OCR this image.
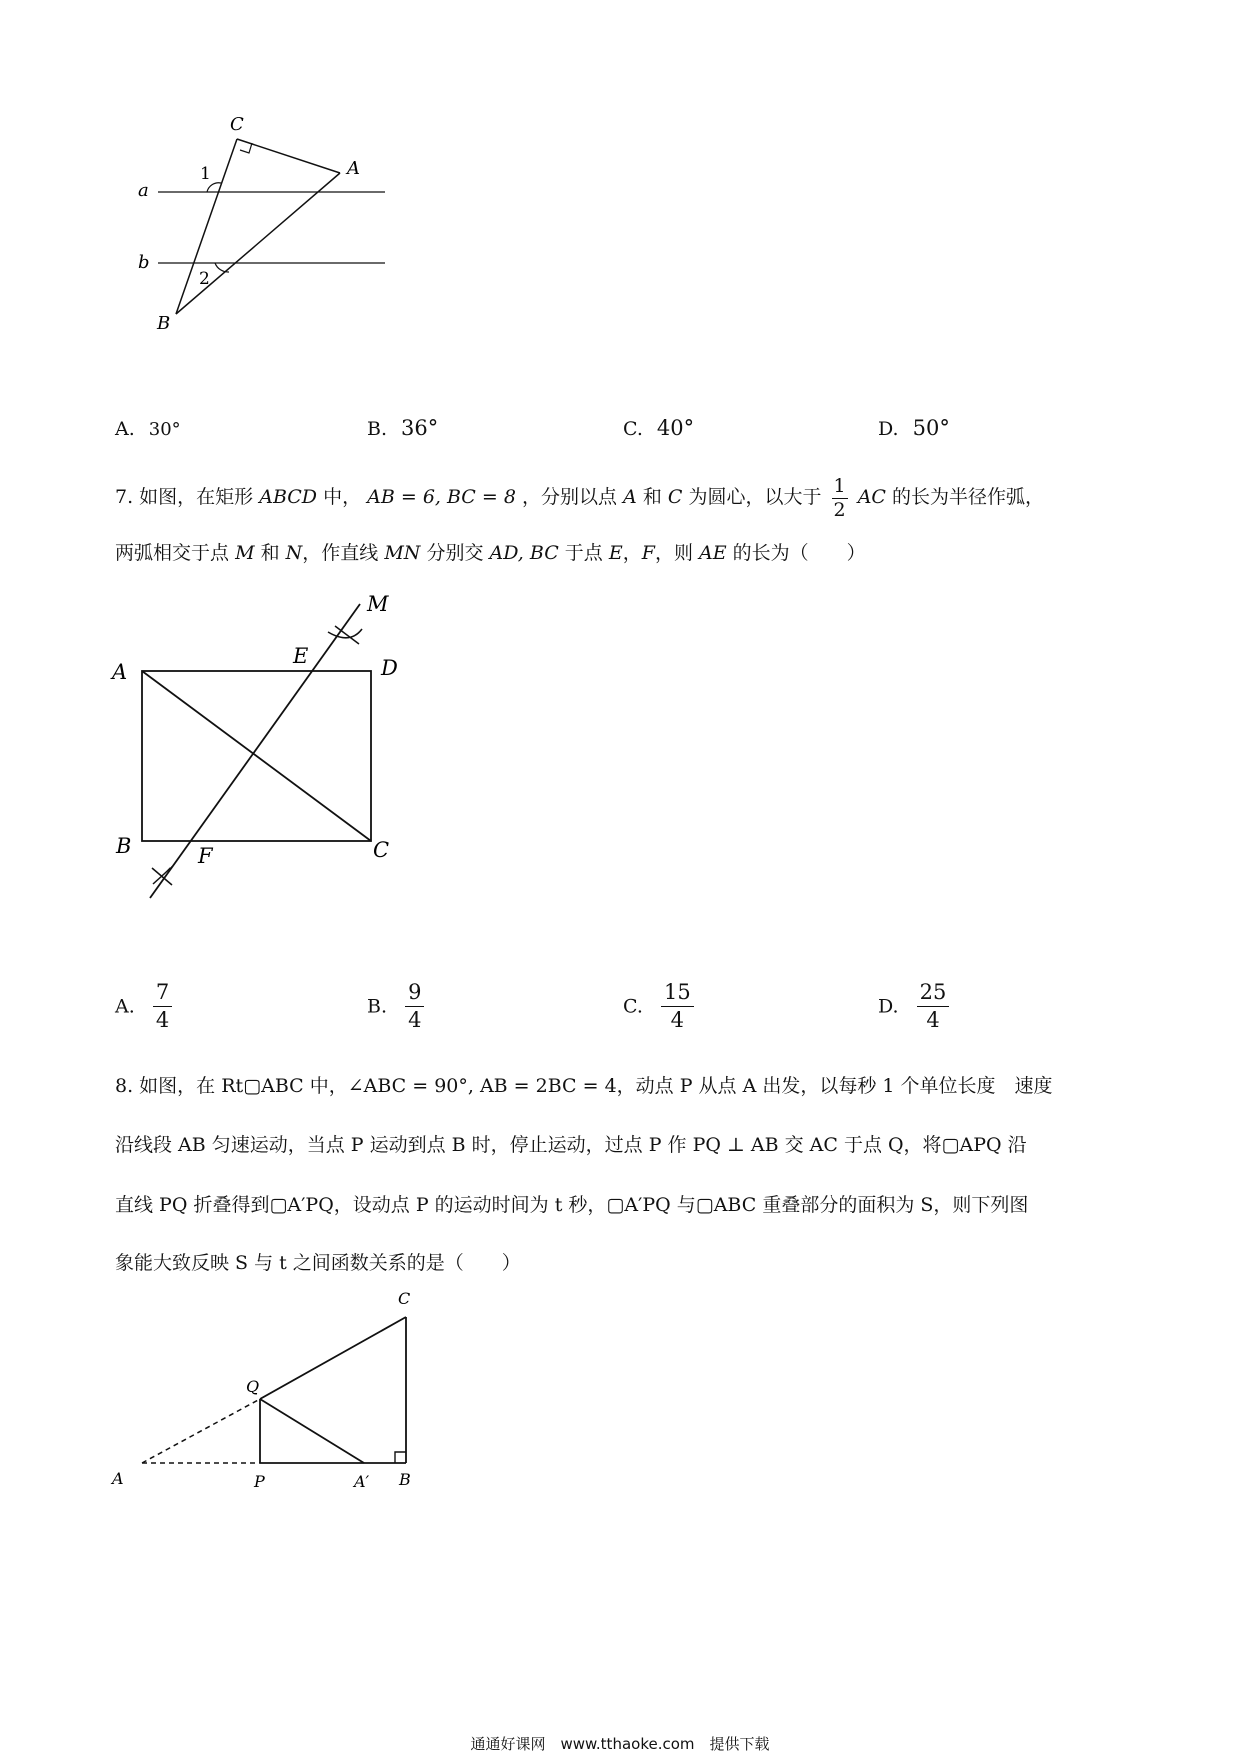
C
A
B
a
b
1
2
A. 30°	B. 36°	C. 40°	D. 50°
7. 如图，在矩形 ABCD 中， AB = 6, BC = 8 ，分别以点 A 和 C 为圆心，以大于 $\frac{1}{2}$ AC 的长为半径作弧，
两弧相交于点 M 和 N，作直线 MN 分别交 AD, BC 于点 E，F，则 AE 的长为（　　）
M
A
E	D
B	F	C
A. $\frac{7}{4}$	B. $\frac{9}{4}$	C. $\frac{15}{4}$	D. $\frac{25}{4}$
8. 如图，在 Rt▢ABC 中，∠ABC = 90°, AB = 2BC = 4，动点 P 从点 A 出发，以每秒 1 个单位长度　速度
沿线段 AB 匀速运动，当点 P 运动到点 B 时，停止运动，过点 P 作 PQ ⊥ AB 交 AC 于点 Q，将▢APQ 沿
直线 PQ 折叠得到▢A′PQ，设动点 P 的运动时间为 t 秒，▢A′PQ 与▢ABC 重叠部分的面积为 S，则下列图
象能大致反映 S 与 t 之间函数关系的是（　　）
C
Q
A	P	A′ B
通通好课网　www.tthaoke.com　提供下载
